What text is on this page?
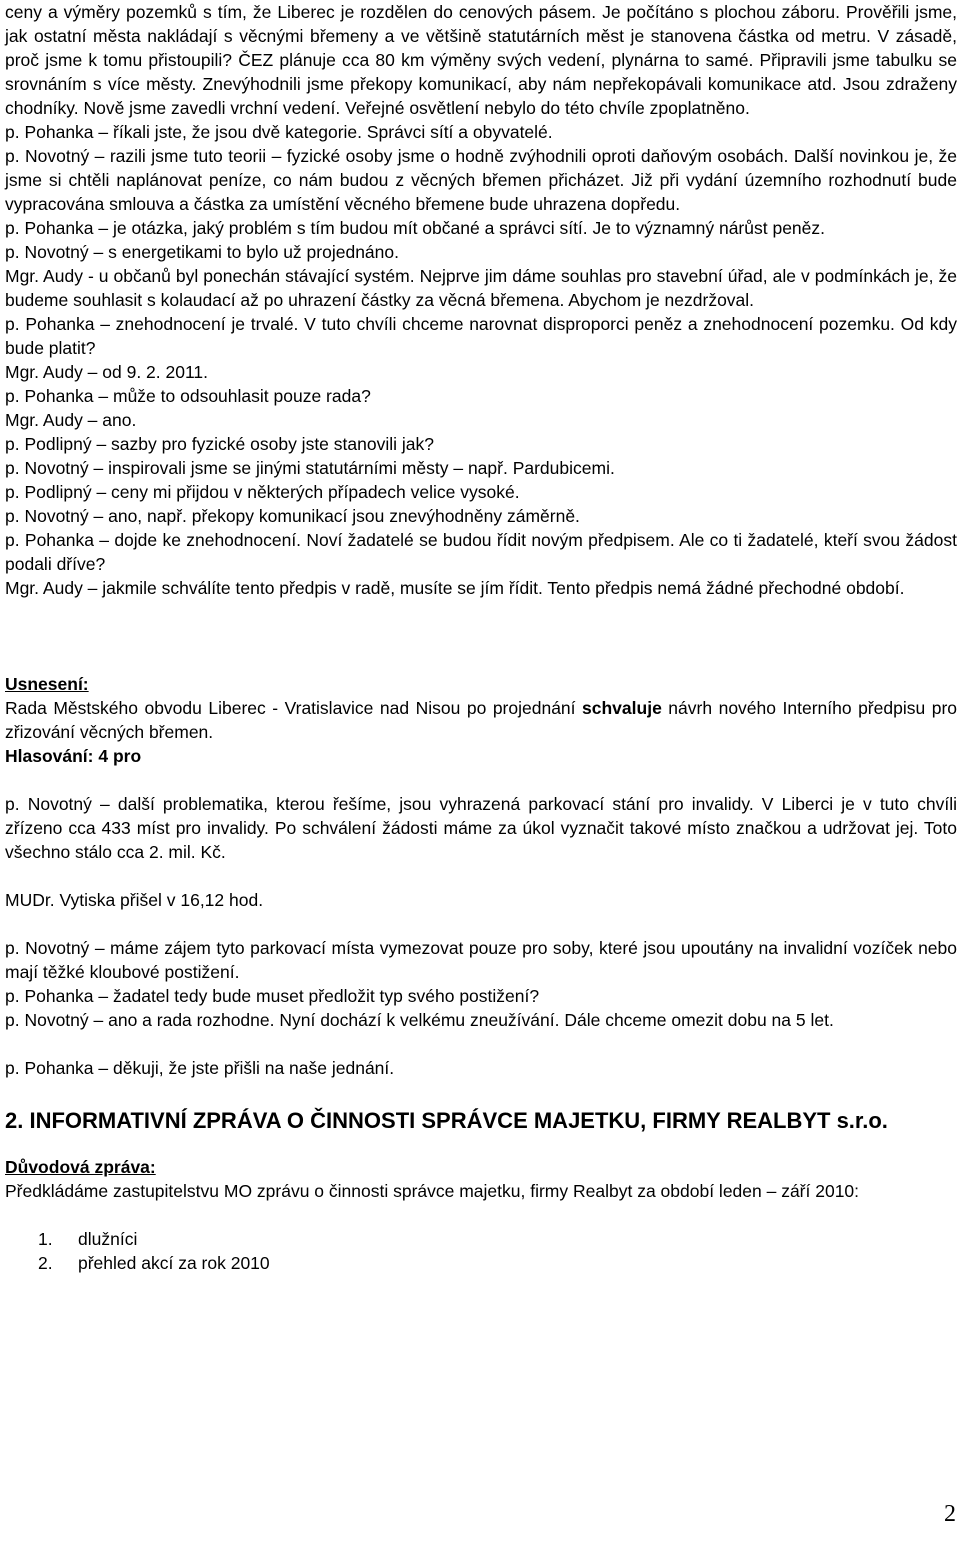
ceny a výměry pozemků s tím, že Liberec je rozdělen do cenových pásem. Je počítáno s plochou záboru. Prověřili jsme, jak ostatní města nakládají s věcnými břemeny a ve většině statutárních měst je stanovena částka od metru. V zásadě, proč jsme k tomu přistoupili? ČEZ plánuje cca 80 km výměny svých vedení, plynárna to samé. Připravili jsme tabulku se srovnáním s více městy. Znevýhodnili jsme překopy komunikací, aby nám nepřekopávali komunikace atd. Jsou zdraženy chodníky. Nově jsme zavedli vrchní vedení. Veřejné osvětlení nebylo do této chvíle zpoplatněno.

p. Pohanka – říkali jste, že jsou dvě kategorie. Správci sítí a obyvatelé.

p. Novotný – razili jsme tuto teorii – fyzické osoby jsme o hodně zvýhodnili oproti daňovým osobách. Další novinkou je, že jsme si chtěli naplánovat peníze, co nám budou z věcných břemen přicházet. Již při vydání územního rozhodnutí bude vypracována smlouva a částka za umístění věcného břemene bude uhrazena dopředu.

p. Pohanka – je otázka, jaký problém s tím budou mít občané a správci sítí. Je to významný nárůst peněz.

p. Novotný – s energetikami to bylo už projednáno.

Mgr. Audy - u občanů byl ponechán stávající systém. Nejprve jim dáme souhlas pro stavební úřad, ale v podmínkách je, že budeme souhlasit s kolaudací až po uhrazení částky za věcná břemena. Abychom je nezdržoval.

p. Pohanka – znehodnocení je trvalé. V tuto chvíli chceme narovnat disproporci peněz a znehodnocení pozemku. Od kdy bude platit?

Mgr. Audy – od 9. 2. 2011.

p. Pohanka – může to odsouhlasit pouze rada?

Mgr. Audy – ano.

p. Podlipný – sazby pro fyzické osoby jste stanovili jak?

p. Novotný – inspirovali jsme se jinými statutárními městy – např. Pardubicemi.

p. Podlipný – ceny mi přijdou v některých případech velice vysoké.

p. Novotný – ano, např. překopy komunikací jsou znevýhodněny záměrně.

p. Pohanka – dojde ke znehodnocení. Noví žadatelé se budou řídit novým předpisem. Ale co ti žadatelé, kteří svou žádost podali dříve?

Mgr. Audy – jakmile schválíte tento předpis v radě, musíte se jím řídit. Tento předpis nemá žádné přechodné období.

Usnesení:

Rada Městského obvodu Liberec - Vratislavice nad Nisou po projednání schvaluje návrh nového Interního předpisu pro zřizování věcných břemen.

Hlasování: 4 pro

p. Novotný – další problematika, kterou řešíme, jsou vyhrazená parkovací stání pro invalidy. V Liberci je v tuto chvíli zřízeno cca 433 míst pro invalidy. Po schválení žádosti máme za úkol vyznačit takové místo značkou a udržovat jej. Toto všechno stálo cca 2. mil. Kč.

MUDr. Vytiska přišel v 16,12 hod.

p. Novotný – máme zájem tyto parkovací místa vymezovat pouze pro soby, které jsou upoutány na invalidní vozíček nebo mají těžké kloubové postižení.

p. Pohanka – žadatel tedy bude muset předložit typ svého postižení?

p. Novotný – ano a rada rozhodne. Nyní dochází k velkému zneužívání. Dále chceme omezit dobu na 5 let.

p. Pohanka – děkuji, že jste přišli na naše jednání.

2. INFORMATIVNÍ ZPRÁVA O ČINNOSTI SPRÁVCE MAJETKU, FIRMY REALBYT s.r.o.

Důvodová zpráva:

Předkládáme zastupitelstvu MO zprávu o činnosti správce majetku, firmy Realbyt za období leden – září 2010:

1.	dlužníci
2.	přehled akcí za rok 2010
2
